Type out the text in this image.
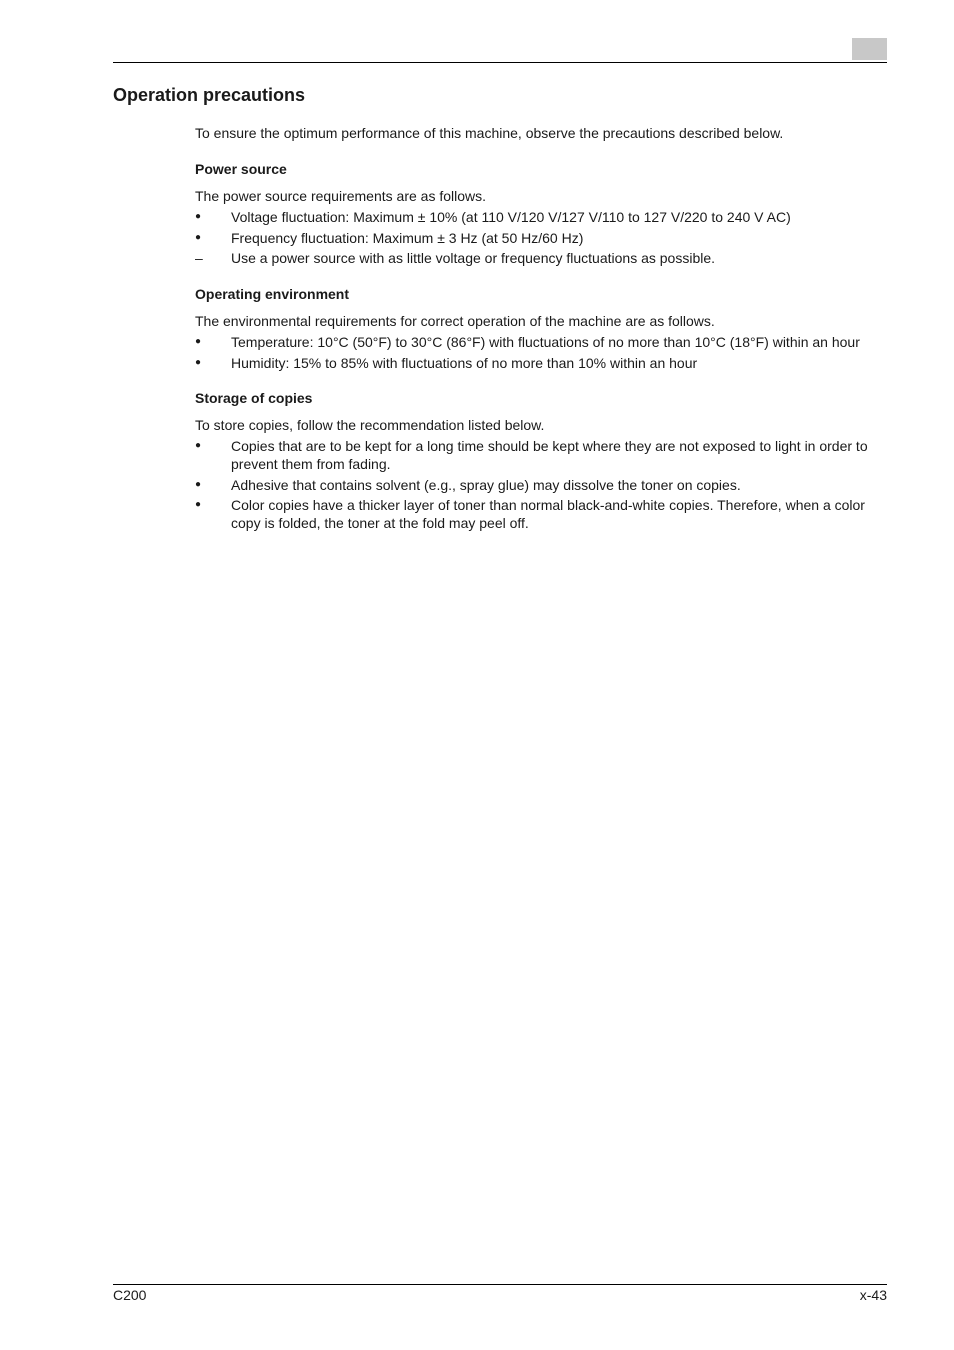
Operation precautions

To ensure the optimum performance of this machine, observe the precautions described below.

Power source

The power source requirements are as follows.

●	Voltage fluctuation: Maximum ± 10% (at 110 V/120 V/127 V/110 to 127 V/220 to 240 V AC)
●	Frequency fluctuation: Maximum ± 3 Hz (at 50 Hz/60 Hz)
–	Use a power source with as little voltage or frequency fluctuations as possible.
Operating environment

The environmental requirements for correct operation of the machine are as follows.

●	Temperature: 10°C (50°F) to 30°C (86°F) with fluctuations of no more than 10°C (18°F) within an hour
●	Humidity: 15% to 85% with fluctuations of no more than 10% within an hour
Storage of copies

To store copies, follow the recommendation listed below.

●	Copies that are to be kept for a long time should be kept where they are not exposed to light in order to prevent them from fading.
●	Adhesive that contains solvent (e.g., spray glue) may dissolve the toner on copies.
●	Color copies have a thicker layer of toner than normal black-and-white copies. Therefore, when a color copy is folded, the toner at the fold may peel off.
C200	x-43
